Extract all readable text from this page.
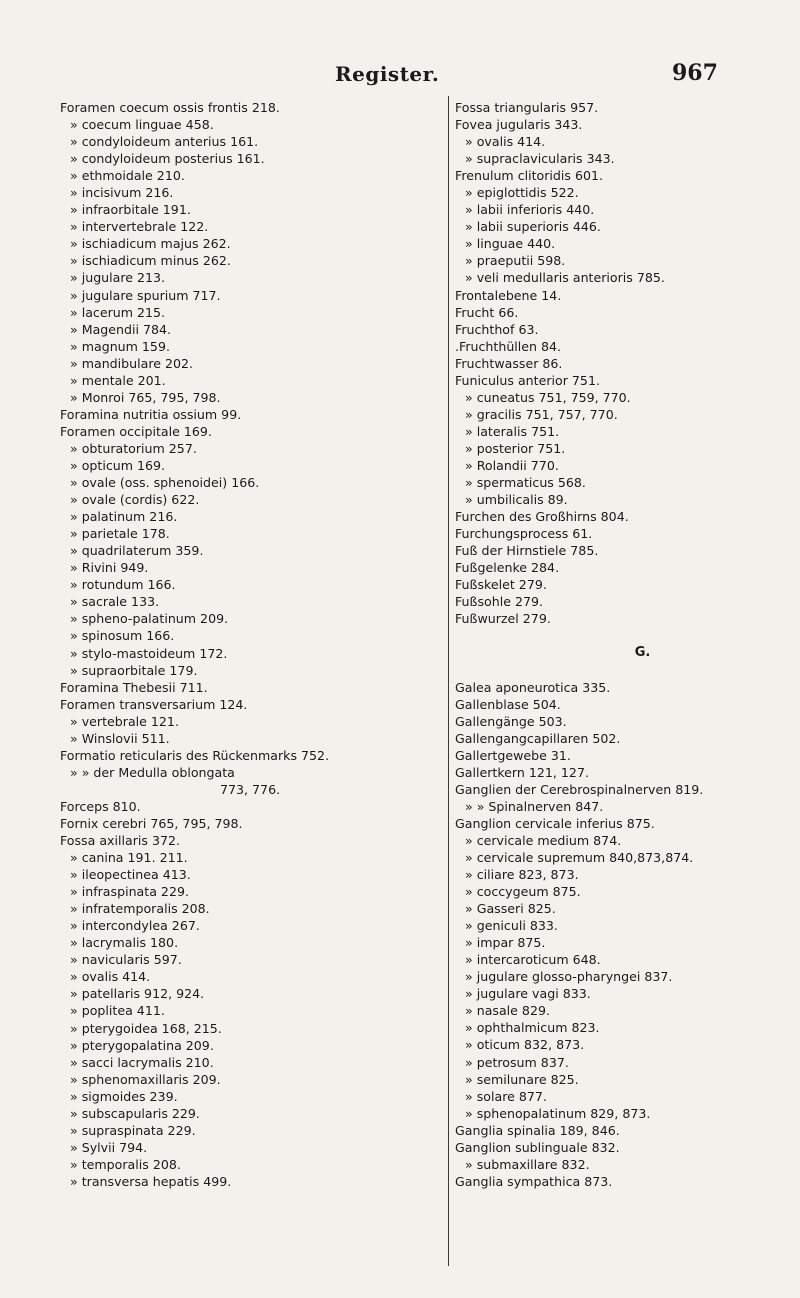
Register.	967
Foramen coecum ossis frontis 218.
» coecum linguae 458.
» condyloideum anterius 161.
» condyloideum posterius 161.
» ethmoidale 210.
» incisivum 216.
» infraorbitale 191.
» intervertebrale 122.
» ischiadicum majus 262.
» ischiadicum minus 262.
» jugulare 213.
» jugulare spurium 717.
» lacerum 215.
» Magendii 784.
» magnum 159.
» mandibulare 202.
» mentale 201.
» Monroi 765, 795, 798.
Foramina nutritia ossium 99.
Foramen occipitale 169.
» obturatorium 257.
» opticum 169.
» ovale (oss. sphenoidei) 166.
» ovale (cordis) 622.
» palatinum 216.
» parietale 178.
» quadrilaterum 359.
» Rivini 949.
» rotundum 166.
» sacrale 133.
» spheno-palatinum 209.
» spinosum 166.
» stylo-mastoideum 172.
» supraorbitale 179.
Foramina Thebesii 711.
Foramen transversarium 124.
» vertebrale 121.
» Winslovii 511.
Formatio reticularis des Rückenmarks 752.
» » der Medulla oblongata
773, 776.
Forceps 810.
Fornix cerebri 765, 795, 798.
Fossa axillaris 372.
» canina 191. 211.
» ileopectinea 413.
» infraspinata 229.
» infratemporalis 208.
» intercondylea 267.
» lacrymalis 180.
» navicularis 597.
» ovalis 414.
» patellaris 912, 924.
» poplitea 411.
» pterygoidea 168, 215.
» pterygopalatina 209.
» sacci lacrymalis 210.
» sphenomaxillaris 209.
» sigmoides 239.
» subscapularis 229.
» supraspinata 229.
» Sylvii 794.
» temporalis 208.
» transversa hepatis 499.
Fossa triangularis 957.
Fovea jugularis 343.
» ovalis 414.
» supraclavicularis 343.
Frenulum clitoridis 601.
» epiglottidis 522.
» labii inferioris 440.
» labii superioris 446.
» linguae 440.
» praeputii 598.
» veli medullaris anterioris 785.
Frontalebene 14.
Frucht 66.
Fruchthof 63.
.Fruchthüllen 84.
Fruchtwasser 86.
Funiculus anterior 751.
» cuneatus 751, 759, 770.
» gracilis 751, 757, 770.
» lateralis 751.
» posterior 751.
» Rolandii 770.
» spermaticus 568.
» umbilicalis 89.
Furchen des Großhirns 804.
Furchungsprocess 61.
Fuß der Hirnstiele 785.
Fußgelenke 284.
Fußskelet 279.
Fußsohle 279.
Fußwurzel 279.
G.
Galea aponeurotica 335.
Gallenblase 504.
Gallengänge 503.
Gallengangcapillaren 502.
Gallertgewebe 31.
Gallertkern 121, 127.
Ganglien der Cerebrospinalnerven 819.
» » Spinalnerven 847.
Ganglion cervicale inferius 875.
» cervicale medium 874.
» cervicale supremum 840,873,874.
» ciliare 823, 873.
» coccygeum 875.
» Gasseri 825.
» geniculi 833.
» impar 875.
» intercaroticum 648.
» jugulare glosso-pharyngei 837.
» jugulare vagi 833.
» nasale 829.
» ophthalmicum 823.
» oticum 832, 873.
» petrosum 837.
» semilunare 825.
» solare 877.
» sphenopalatinum 829, 873.
Ganglia spinalia 189, 846.
Ganglion sublinguale 832.
» submaxillare 832.
Ganglia sympathica 873.
